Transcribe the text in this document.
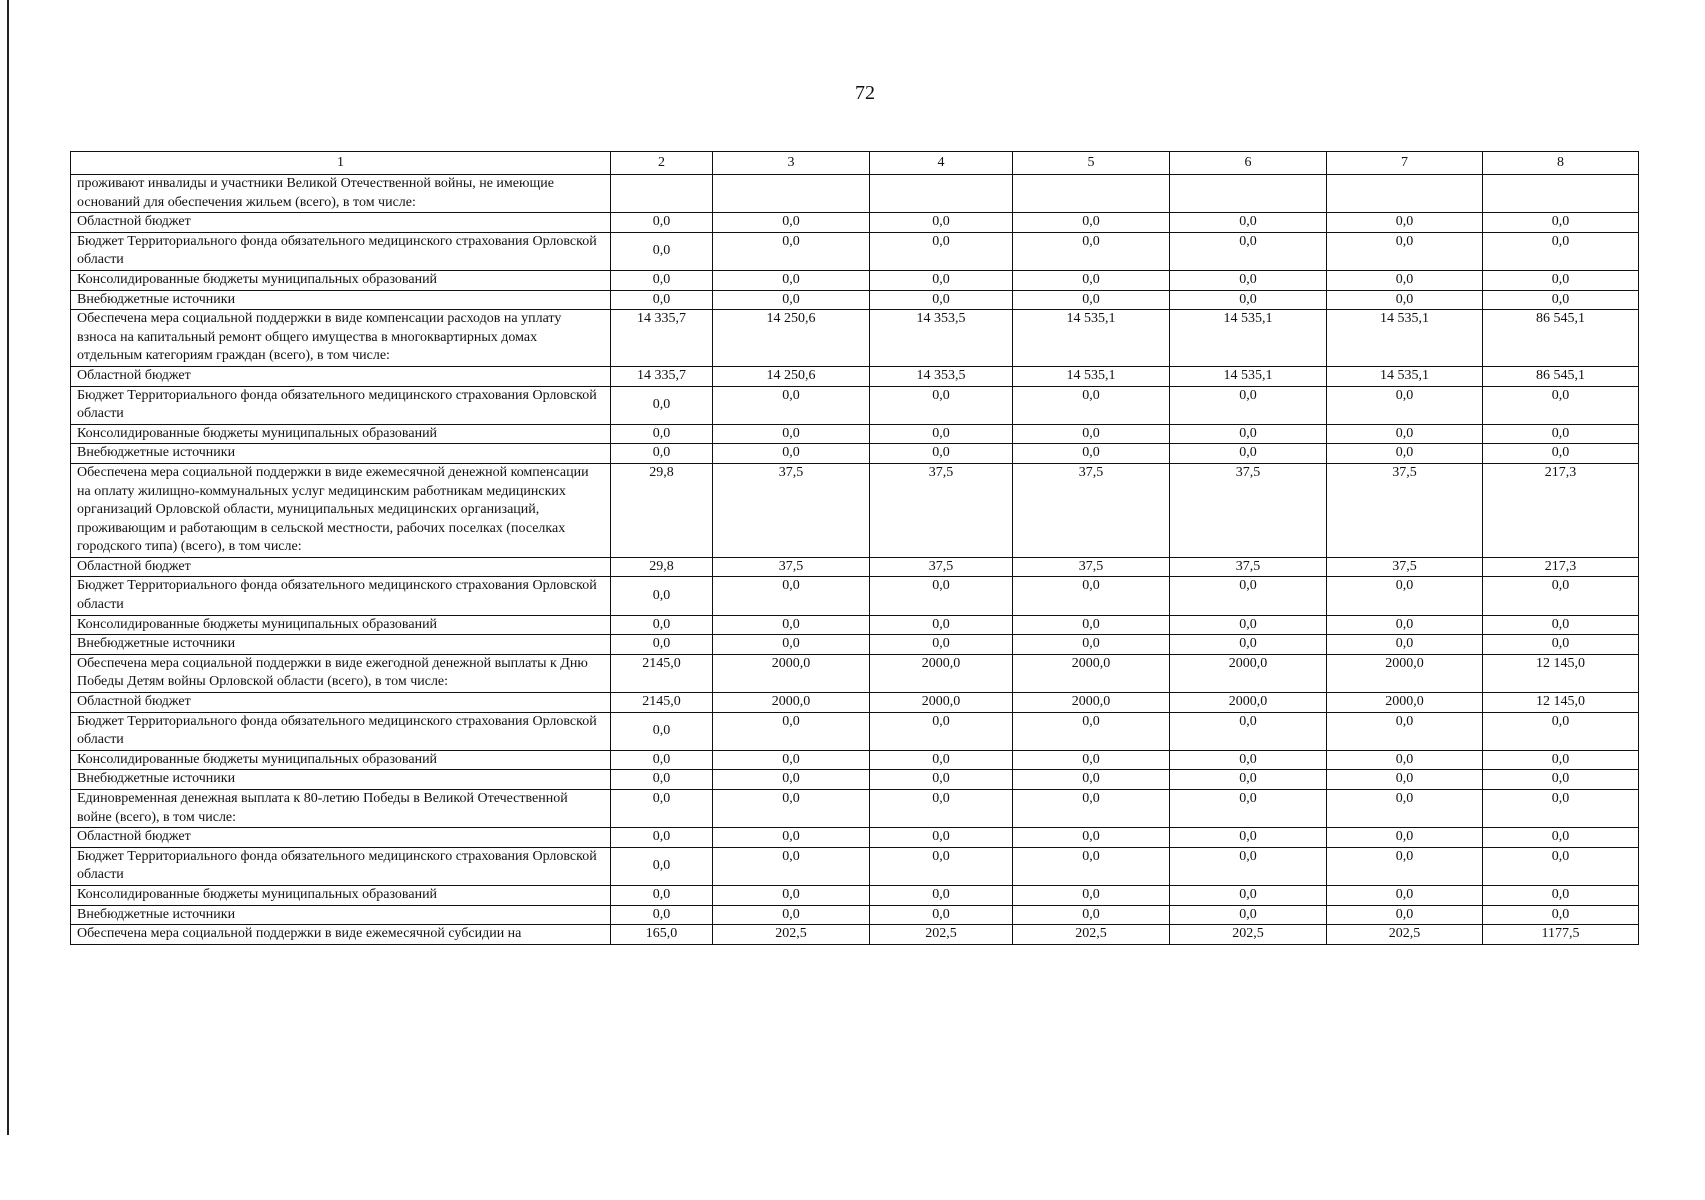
72
1	2	3	4	5	6	7	8
проживают инвалиды и участники Великой Отечественной войны, не имеющие оснований для обеспечения жильем (всего), в том числе:							
Областной бюджет	0,0	0,0	0,0	0,0	0,0	0,0	0,0
Бюджет Территориального фонда обязательного медицинского страхования Орловской области	0,0	0,0	0,0	0,0	0,0	0,0	0,0
Консолидированные бюджеты муниципальных образований	0,0	0,0	0,0	0,0	0,0	0,0	0,0
Внебюджетные источники	0,0	0,0	0,0	0,0	0,0	0,0	0,0
Обеспечена мера социальной поддержки в виде компенсации расходов на уплату взноса на капитальный ремонт общего имущества в многоквартирных домах отдельным категориям граждан (всего), в том числе:	14 335,7	14 250,6	14 353,5	14 535,1	14 535,1	14 535,1	86 545,1
Областной бюджет	14 335,7	14 250,6	14 353,5	14 535,1	14 535,1	14 535,1	86 545,1
Бюджет Территориального фонда обязательного медицинского страхования Орловской области	0,0	0,0	0,0	0,0	0,0	0,0	0,0
Консолидированные бюджеты муниципальных образований	0,0	0,0	0,0	0,0	0,0	0,0	0,0
Внебюджетные источники	0,0	0,0	0,0	0,0	0,0	0,0	0,0
Обеспечена мера социальной поддержки в виде ежемесячной денежной компенсации на оплату жилищно-коммунальных услуг медицинским работникам медицинских организаций Орловской области, муниципальных медицинских организаций, проживающим и работающим в сельской местности, рабочих поселках (поселках городского типа) (всего), в том числе:	29,8	37,5	37,5	37,5	37,5	37,5	217,3
Областной бюджет	29,8	37,5	37,5	37,5	37,5	37,5	217,3
Бюджет Территориального фонда обязательного медицинского страхования Орловской области	0,0	0,0	0,0	0,0	0,0	0,0	0,0
Консолидированные бюджеты муниципальных образований	0,0	0,0	0,0	0,0	0,0	0,0	0,0
Внебюджетные источники	0,0	0,0	0,0	0,0	0,0	0,0	0,0
Обеспечена мера социальной поддержки в виде ежегодной денежной выплаты к Дню Победы Детям войны Орловской области (всего), в том числе:	2145,0	2000,0	2000,0	2000,0	2000,0	2000,0	12 145,0
Областной бюджет	2145,0	2000,0	2000,0	2000,0	2000,0	2000,0	12 145,0
Бюджет Территориального фонда обязательного медицинского страхования Орловской области	0,0	0,0	0,0	0,0	0,0	0,0	0,0
Консолидированные бюджеты муниципальных образований	0,0	0,0	0,0	0,0	0,0	0,0	0,0
Внебюджетные источники	0,0	0,0	0,0	0,0	0,0	0,0	0,0
Единовременная денежная выплата к 80-летию Победы в Великой Отечественной войне (всего), в том числе:	0,0	0,0	0,0	0,0	0,0	0,0	0,0
Областной бюджет	0,0	0,0	0,0	0,0	0,0	0,0	0,0
Бюджет Территориального фонда обязательного медицинского страхования Орловской области	0,0	0,0	0,0	0,0	0,0	0,0	0,0
Консолидированные бюджеты муниципальных образований	0,0	0,0	0,0	0,0	0,0	0,0	0,0
Внебюджетные источники	0,0	0,0	0,0	0,0	0,0	0,0	0,0
Обеспечена мера социальной поддержки в виде ежемесячной субсидии на	165,0	202,5	202,5	202,5	202,5	202,5	1177,5
